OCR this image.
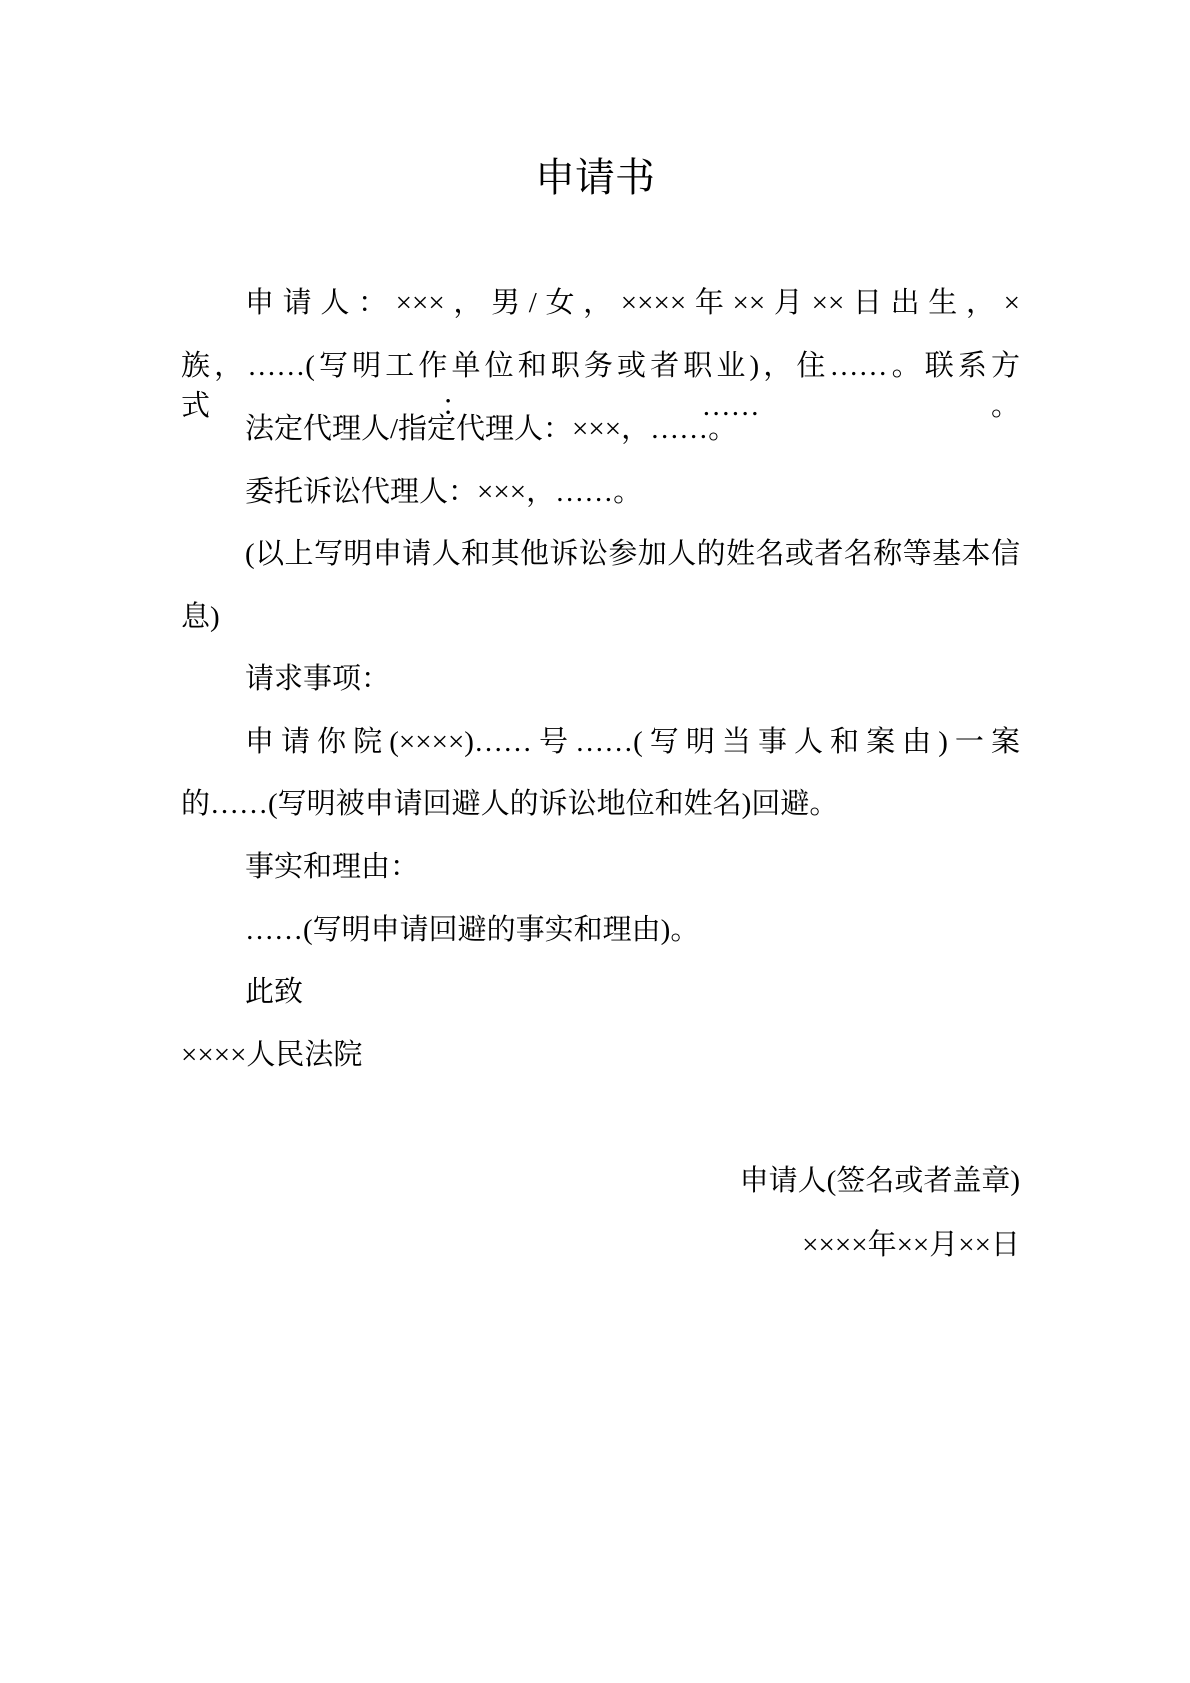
申请书
申请人：×××，男/女，××××年××月××日出生，×
族，……(写明工作单位和职务或者职业)，住……。联系方式：……。
法定代理人/指定代理人：×××，……。
委托诉讼代理人：×××，……。
(以上写明申请人和其他诉讼参加人的姓名或者名称等基本信
息)
请求事项：
申请你院(××××)……号……(写明当事人和案由)一案
的……(写明被申请回避人的诉讼地位和姓名)回避。
事实和理由：
……(写明申请回避的事实和理由)。
此致
××××人民法院
申请人(签名或者盖章)
××××年××月××日
